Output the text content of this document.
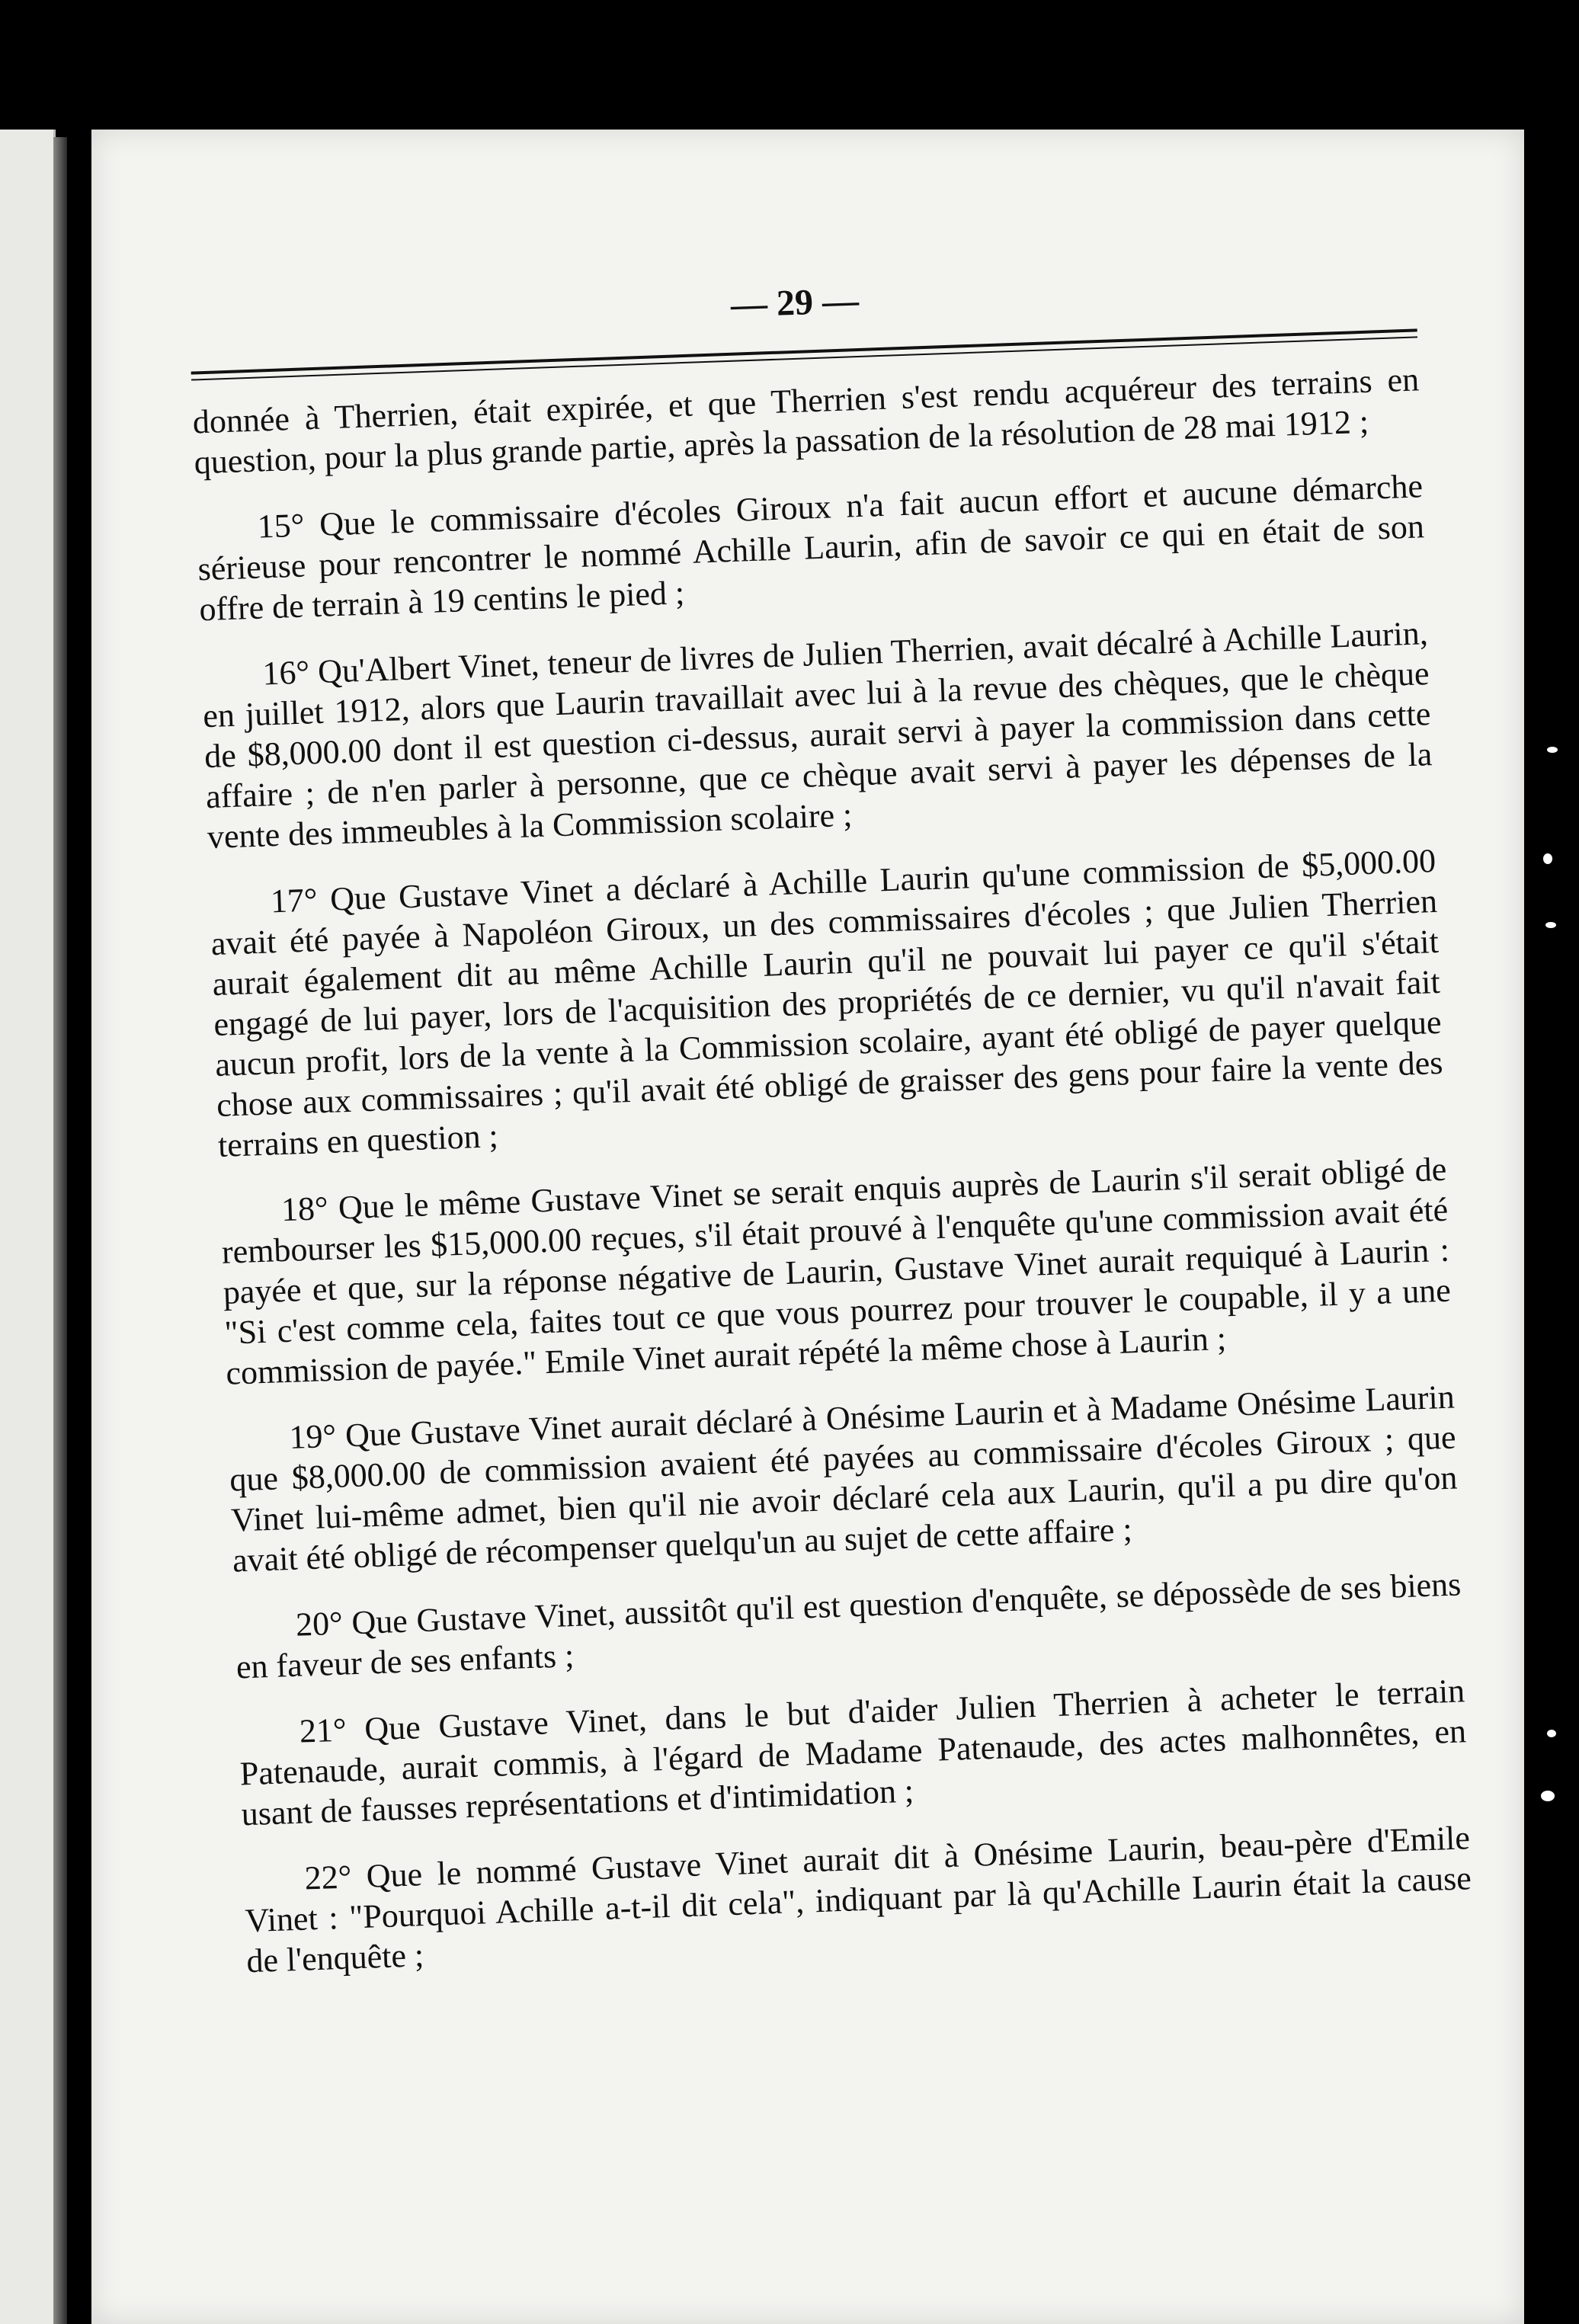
— 29 —

donnée à Therrien, était expirée, et que Therrien s'est rendu acquéreur des terrains en question, pour la plus grande partie, après la passation de la résolution de 28 mai 1912 ;

15° Que le commissaire d'écoles Giroux n'a fait aucun effort et aucune démarche sérieuse pour rencontrer le nommé Achille Laurin, afin de savoir ce qui en était de son offre de terrain à 19 centins le pied ;

16° Qu'Albert Vinet, teneur de livres de Julien Therrien, avait décalré à Achille Laurin, en juillet 1912, alors que Laurin travaillait avec lui à la revue des chèques, que le chèque de $8,000.00 dont il est question ci-dessus, aurait servi à payer la commission dans cette affaire ; de n'en parler à personne, que ce chèque avait servi à payer les dépenses de la vente des immeubles à la Commission scolaire ;

17° Que Gustave Vinet a déclaré à Achille Laurin qu'une commission de $5,000.00 avait été payée à Napoléon Giroux, un des commissaires d'écoles ; que Julien Therrien aurait également dit au même Achille Laurin qu'il ne pouvait lui payer ce qu'il s'était engagé de lui payer, lors de l'acquisition des propriétés de ce dernier, vu qu'il n'avait fait aucun profit, lors de la vente à la Commission scolaire, ayant été obligé de payer quelque chose aux commissaires ; qu'il avait été obligé de graisser des gens pour faire la vente des terrains en question ;

18° Que le même Gustave Vinet se serait enquis auprès de Laurin s'il serait obligé de rembourser les $15,000.00 reçues, s'il était prouvé à l'enquête qu'une commission avait été payée et que, sur la réponse négative de Laurin, Gustave Vinet aurait requiqué à Laurin : "Si c'est comme cela, faites tout ce que vous pourrez pour trouver le coupable, il y a une commission de payée." Emile Vinet aurait répété la même chose à Laurin ;

19° Que Gustave Vinet aurait déclaré à Onésime Laurin et à Madame Onésime Laurin que $8,000.00 de commission avaient été payées au commissaire d'écoles Giroux ; que Vinet lui-même admet, bien qu'il nie avoir déclaré cela aux Laurin, qu'il a pu dire qu'on avait été obligé de récompenser quelqu'un au sujet de cette affaire ;

20° Que Gustave Vinet, aussitôt qu'il est question d'enquête, se dépossède de ses biens en faveur de ses enfants ;

21° Que Gustave Vinet, dans le but d'aider Julien Therrien à acheter le terrain Patenaude, aurait commis, à l'égard de Madame Patenaude, des actes malhonnêtes, en usant de fausses représentations et d'intimidation ;

22° Que le nommé Gustave Vinet aurait dit à Onésime Laurin, beau-père d'Emile Vinet : "Pourquoi Achille a-t-il dit cela", indiquant par là qu'Achille Laurin était la cause de l'enquête ;
